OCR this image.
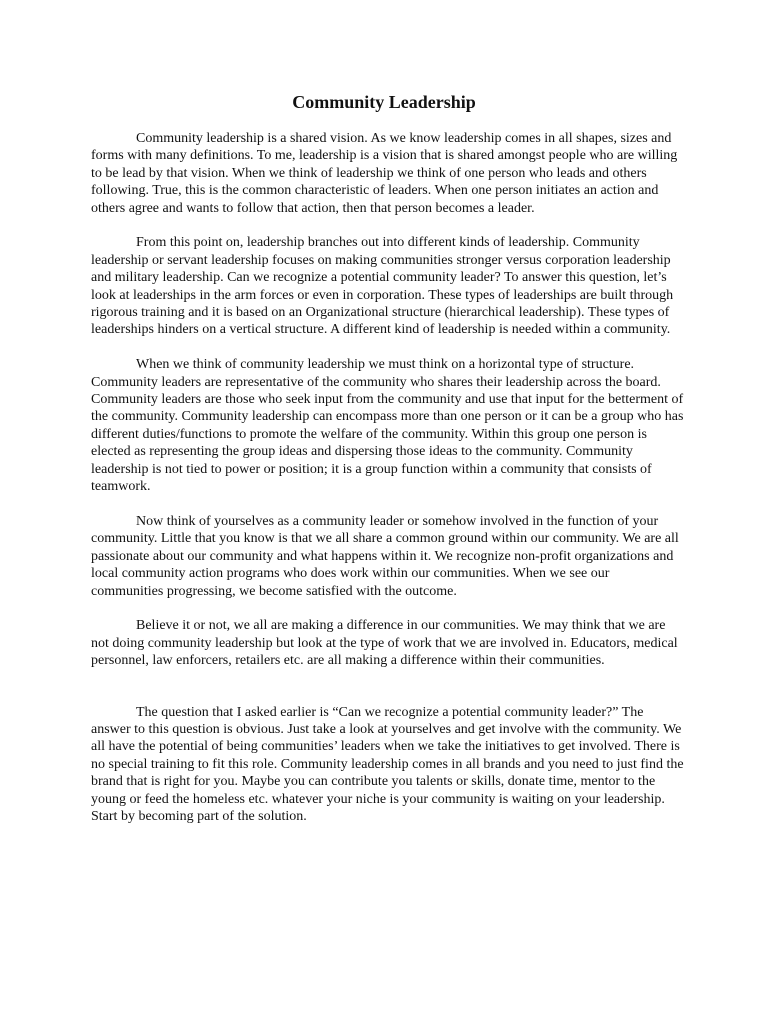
Community Leadership

Community leadership is a shared vision. As we know leadership comes in all shapes, sizes and forms with many definitions. To me, leadership is a vision that is shared amongst people who are willing to be lead by that vision. When we think of leadership we think of one person who leads and others following. True, this is the common characteristic of leaders. When one person initiates an action and others agree and wants to follow that action, then that person becomes a leader.

From this point on, leadership branches out into different kinds of leadership. Community leadership or servant leadership focuses on making communities stronger versus corporation leadership and military leadership. Can we recognize a potential community leader? To answer this question, let’s look at leaderships in the arm forces or even in corporation. These types of leaderships are built through rigorous training and it is based on an Organizational structure (hierarchical leadership). These types of leaderships hinders on a vertical structure. A different kind of leadership is needed within a community.

When we think of community leadership we must think on a horizontal type of structure. Community leaders are representative of the community who shares their leadership across the board. Community leaders are those who seek input from the community and use that input for the betterment of the community. Community leadership can encompass more than one person or it can be a group who has different duties/functions to promote the welfare of the community. Within this group one person is elected as representing the group ideas and dispersing those ideas to the community. Community leadership is not tied to power or position; it is a group function within a community that consists of teamwork.

Now think of yourselves as a community leader or somehow involved in the function of your community. Little that you know is that we all share a common ground within our community. We are all passionate about our community and what happens within it. We recognize non-profit organizations and local community action programs who does work within our communities. When we see our communities progressing, we become satisfied with the outcome.

Believe it or not, we all are making a difference in our communities. We may think that we are not doing community leadership but look at the type of work that we are involved in. Educators, medical personnel, law enforcers, retailers etc. are all making a difference within their communities.

The question that I asked earlier is “Can we recognize a potential community leader?” The answer to this question is obvious. Just take a look at yourselves and get involve with the community. We all have the potential of being communities’ leaders when we take the initiatives to get involved. There is no special training to fit this role. Community leadership comes in all brands and you need to just find the brand that is right for you. Maybe you can contribute you talents or skills, donate time, mentor to the young or feed the homeless etc. whatever your niche is your community is waiting on your leadership. Start by becoming part of the solution.
